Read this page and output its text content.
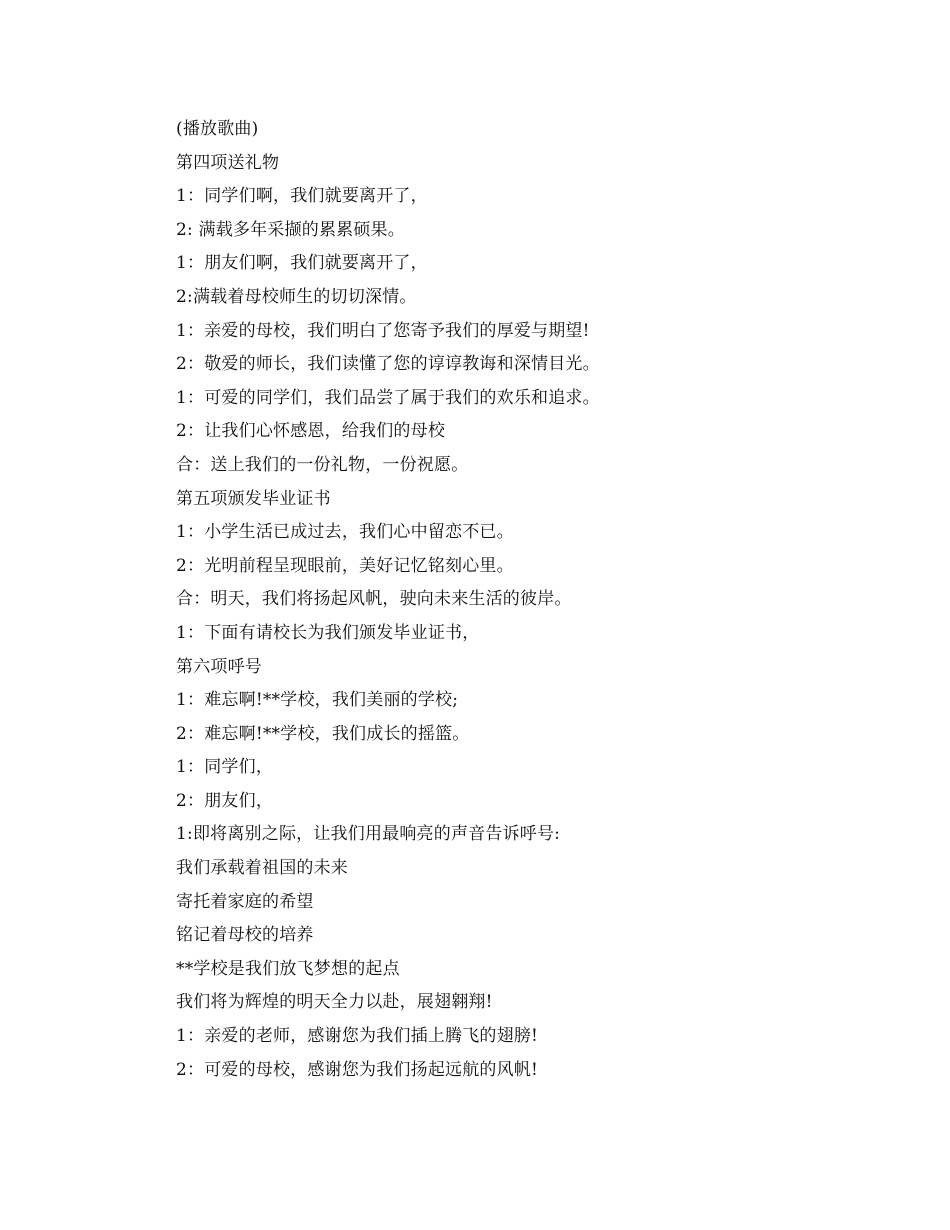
(播放歌曲)
第四项送礼物
1：同学们啊，我们就要离开了，
2: 满载多年采撷的累累硕果。
1：朋友们啊，我们就要离开了，
2:满载着母校师生的切切深情。
1：亲爱的母校，我们明白了您寄予我们的厚爱与期望!
2：敬爱的师长，我们读懂了您的谆谆教诲和深情目光。
1：可爱的同学们，我们品尝了属于我们的欢乐和追求。
2：让我们心怀感恩，给我们的母校
合：送上我们的一份礼物，一份祝愿。
第五项颁发毕业证书
1：小学生活已成过去，我们心中留恋不已。
2：光明前程呈现眼前，美好记忆铭刻心里。
合：明天，我们将扬起风帆，驶向未来生活的彼岸。
1：下面有请校长为我们颁发毕业证书，
第六项呼号
1：难忘啊!**学校，我们美丽的学校;
2：难忘啊!**学校，我们成长的摇篮。
1：同学们，
2：朋友们，
1:即将离别之际，让我们用最响亮的声音告诉呼号:
我们承载着祖国的未来
寄托着家庭的希望
铭记着母校的培养
**学校是我们放飞梦想的起点
我们将为辉煌的明天全力以赴，展翅翱翔!
1：亲爱的老师，感谢您为我们插上腾飞的翅膀!
2：可爱的母校，感谢您为我们扬起远航的风帆!
